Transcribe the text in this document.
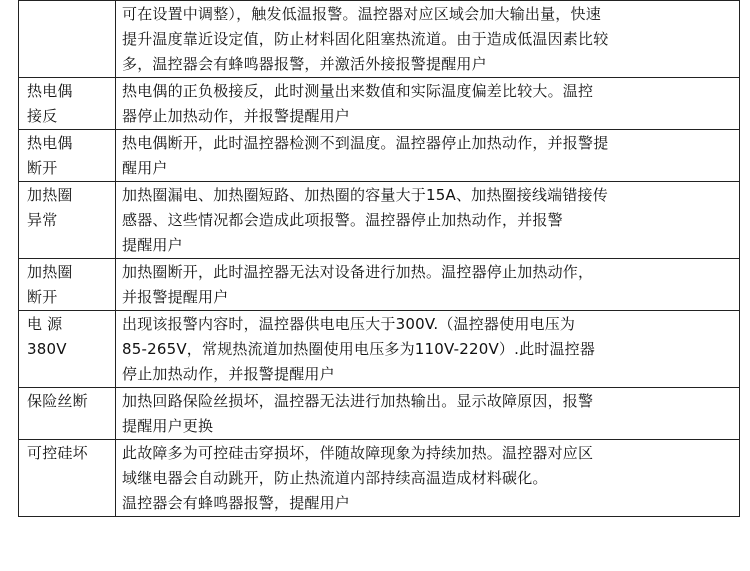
	可在设置中调整），触发低温报警。温控器对应区域会加大输出量，快速
提升温度靠近设定值，防止材料固化阻塞热流道。由于造成低温因素比较
多，温控器会有蜂鸣器报警，并激活外接报警提醒用户

热电偶
接反	热电偶的正负极接反，此时测量出来数值和实际温度偏差比较大。温控
器停止加热动作，并报警提醒用户

热电偶
断开	热电偶断开，此时温控器检测不到温度。温控器停止加热动作，并报警提
醒用户

加热圈
异常	加热圈漏电、加热圈短路、加热圈的容量大于15A、加热圈接线端错接传
感器、这些情况都会造成此项报警。温控器停止加热动作，并报警
提醒用户

加热圈
断开	加热圈断开，此时温控器无法对设备进行加热。温控器停止加热动作，
并报警提醒用户

电 源
380V	出现该报警内容时，温控器供电电压大于300V.（温控器使用电压为
85-265V，常规热流道加热圈使用电压多为110V-220V）.此时温控器
停止加热动作，并报警提醒用户

保险丝断	加热回路保险丝损坏，温控器无法进行加热输出。显示故障原因，报警
提醒用户更换

可控硅坏	此故障多为可控硅击穿损坏，伴随故障现象为持续加热。温控器对应区
域继电器会自动跳开，防止热流道内部持续高温造成材料碳化。
温控器会有蜂鸣器报警，提醒用户
